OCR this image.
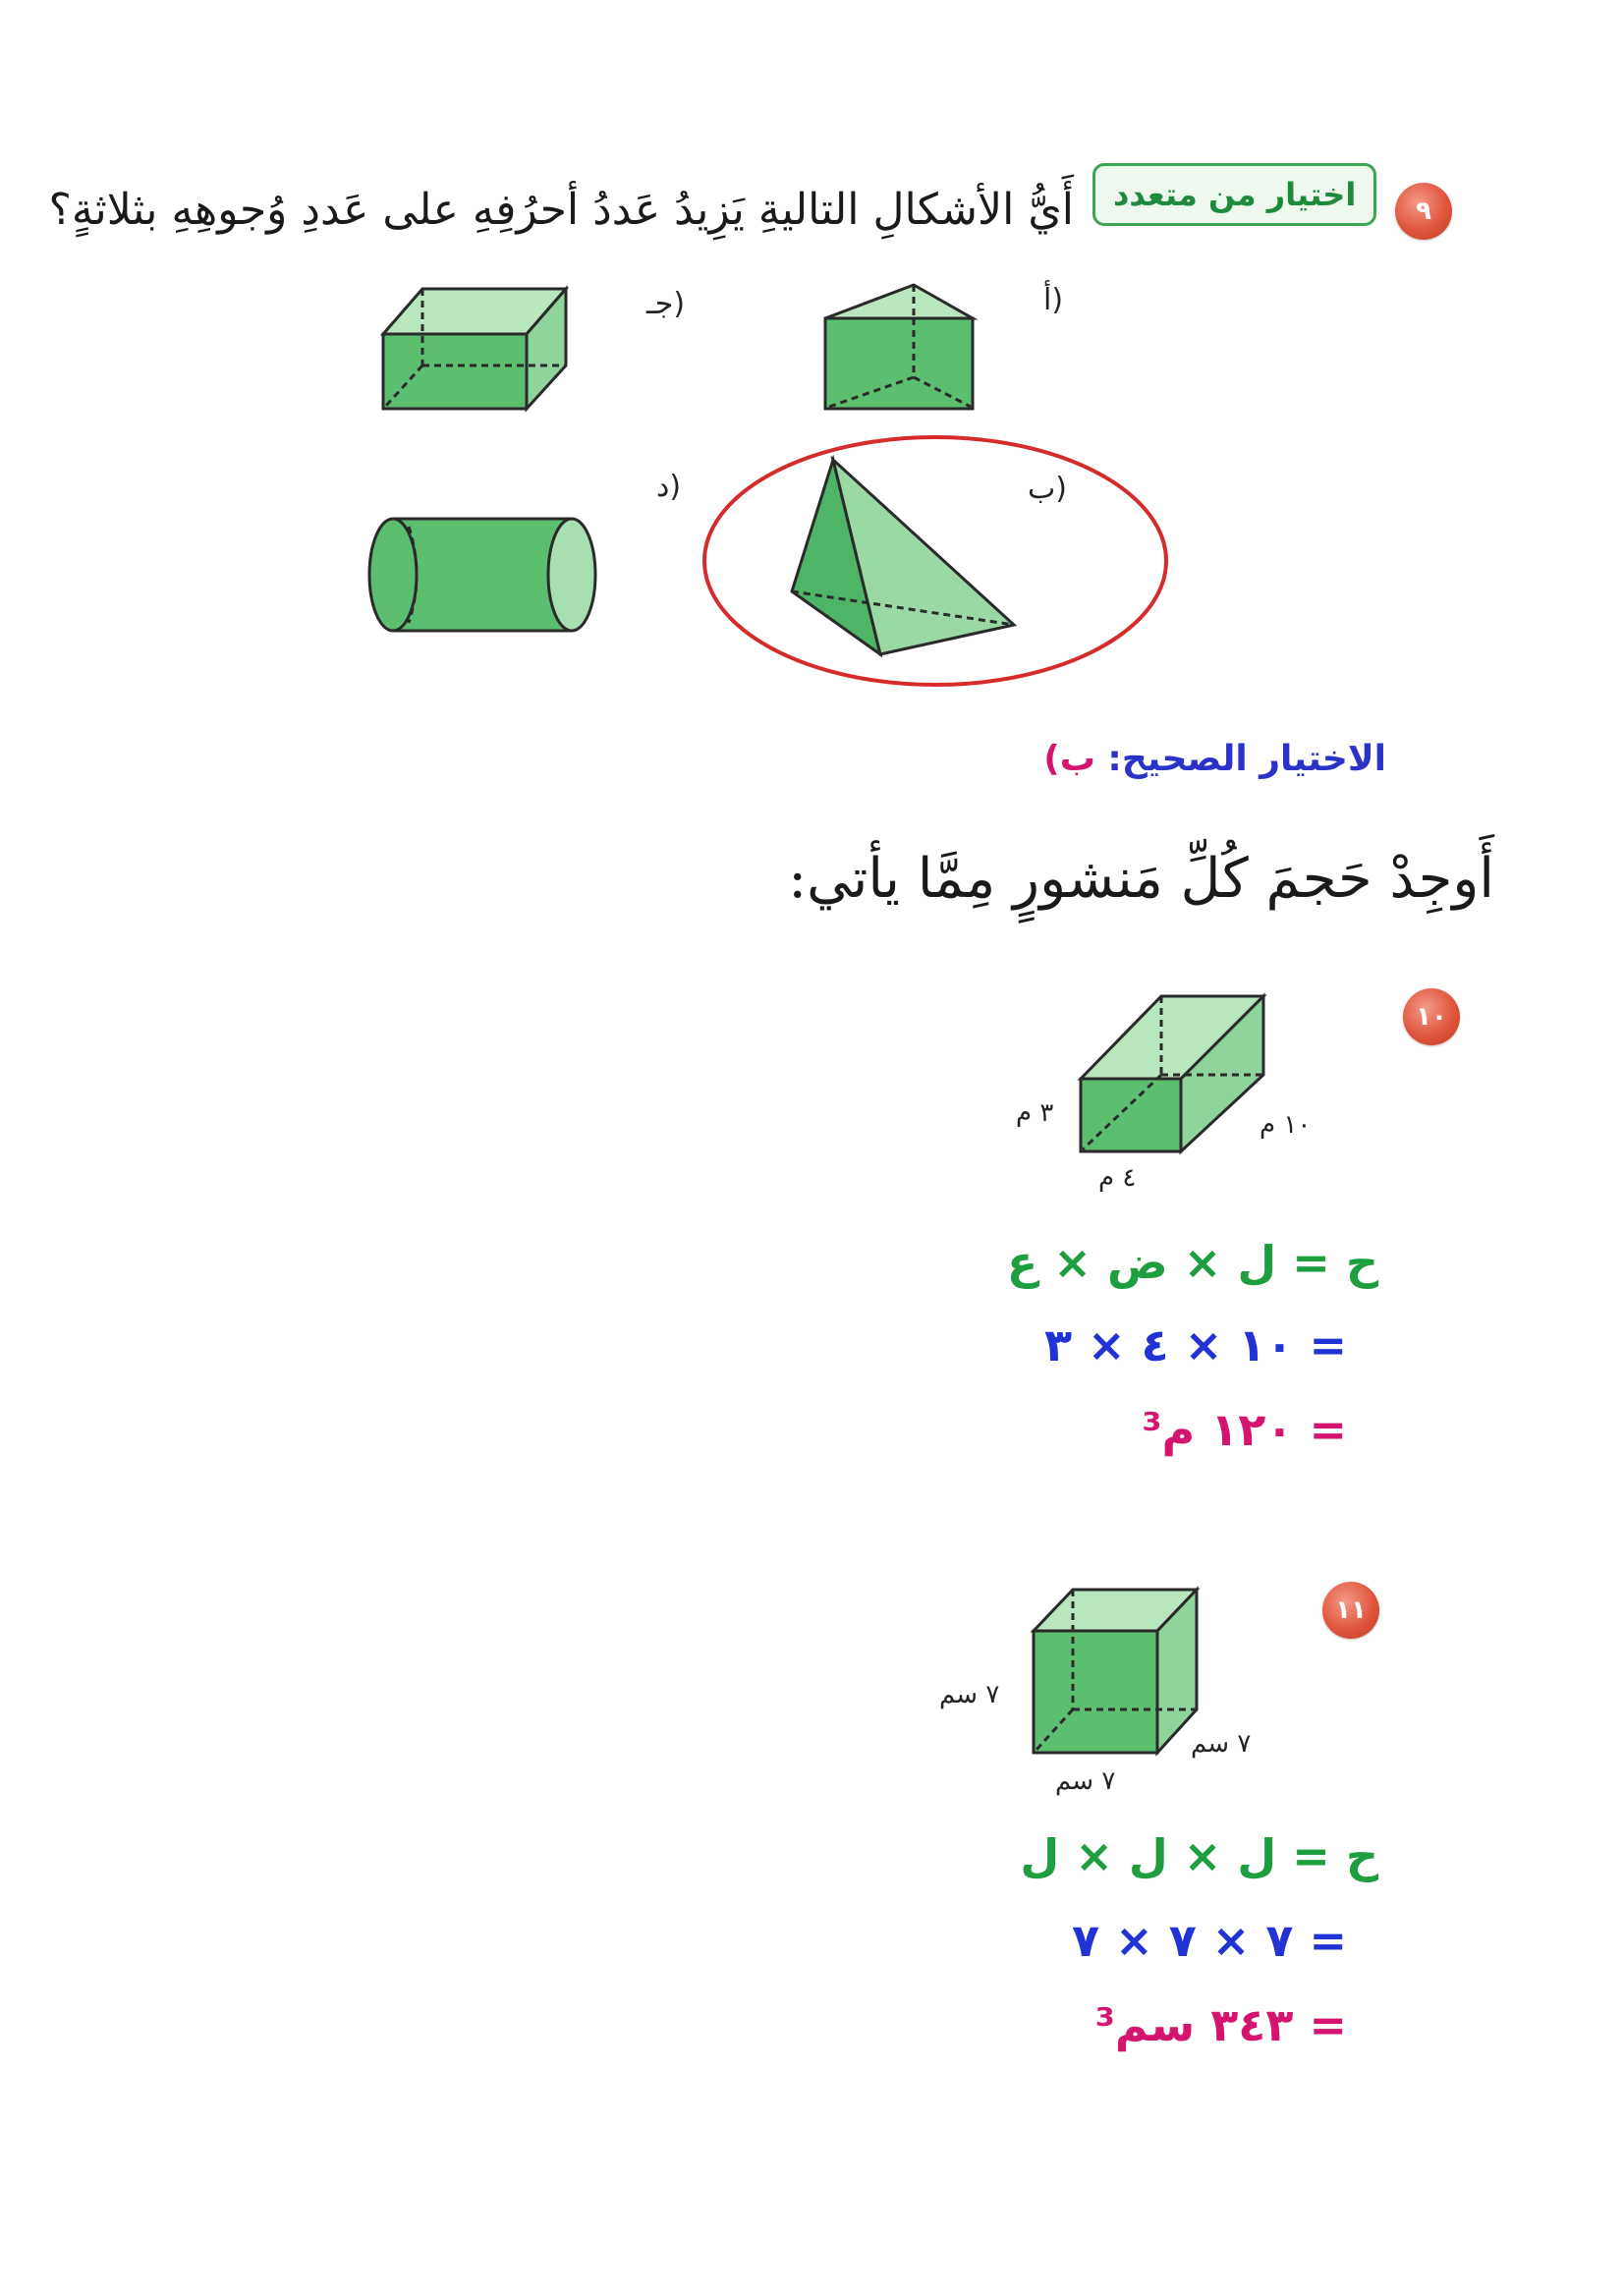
٩
اختيار من متعدد
أَيُّ الأشكالِ التاليةِ يَزِيدُ عَددُ أحرُفِهِ على عَددِ وُجوهِهِ بثلاثةٍ؟
أ)
جـ)
ب)
د)
الاختيار الصحيح: ب)
أَوجِدْ حَجمَ كُلِّ مَنشورٍ مِمَّا يأتي:
١٠
٣ م
٤ م
١٠ م
ح = ل × ض × ع
= ١٠ × ٤ × ٣
= ١٢٠ م³
١١
٧ سم
٧ سم
٧ سم
ح = ل × ل × ل
= ٧ × ٧ × ٧
= ٣٤٣ سم³
